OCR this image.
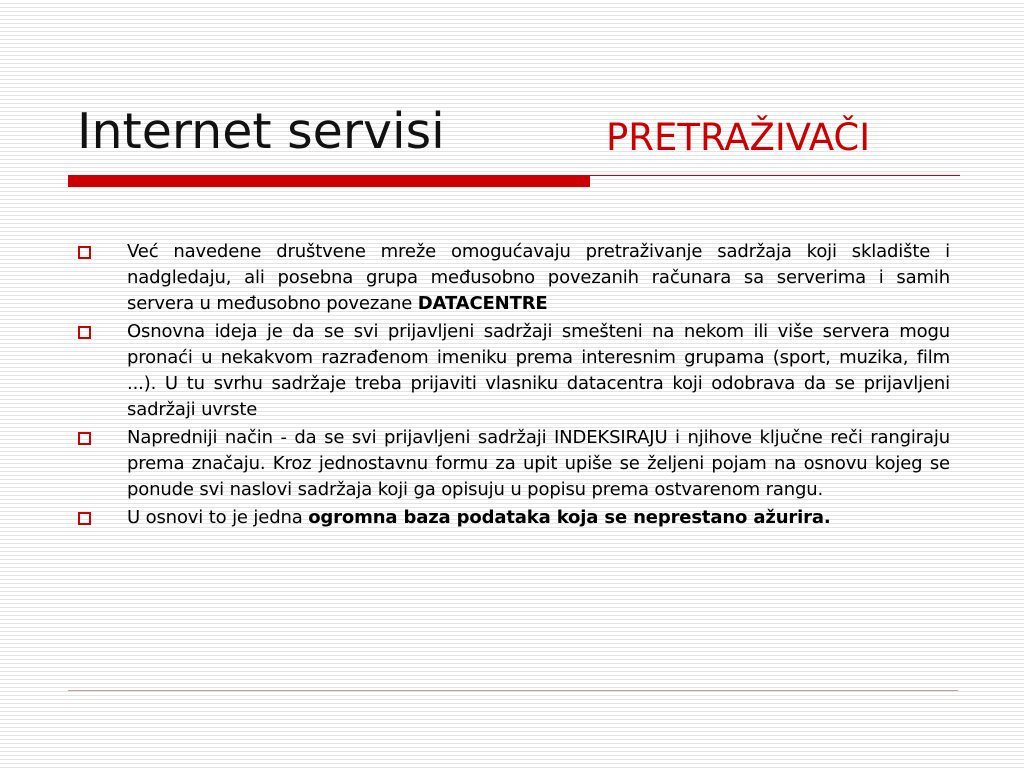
Internet servisi	PRETRAŽIVAČI
Već navedene društvene mreže omogućavaju pretraživanje sadržaja koji skladište i nadgledaju, ali posebna grupa međusobno povezanih računara sa serverima i samih servera u međusobno povezane DATACENTRE
Osnovna ideja je da se svi prijavljeni sadržaji smešteni na nekom ili više servera mogu pronaći u nekakvom razrađenom imeniku prema interesnim grupama (sport, muzika, film ...). U tu svrhu sadržaje treba prijaviti vlasniku datacentra koji odobrava da se prijavljeni sadržaji uvrste
Napredniji način - da se svi prijavljeni sadržaji INDEKSIRAJU i njihove ključne reči rangiraju prema značaju. Kroz jednostavnu formu za upit upiše se željeni pojam na osnovu kojeg se ponude svi naslovi sadržaja koji ga opisuju u popisu prema ostvarenom rangu.
U osnovi to je jedna ogromna baza podataka koja se neprestano ažurira.
